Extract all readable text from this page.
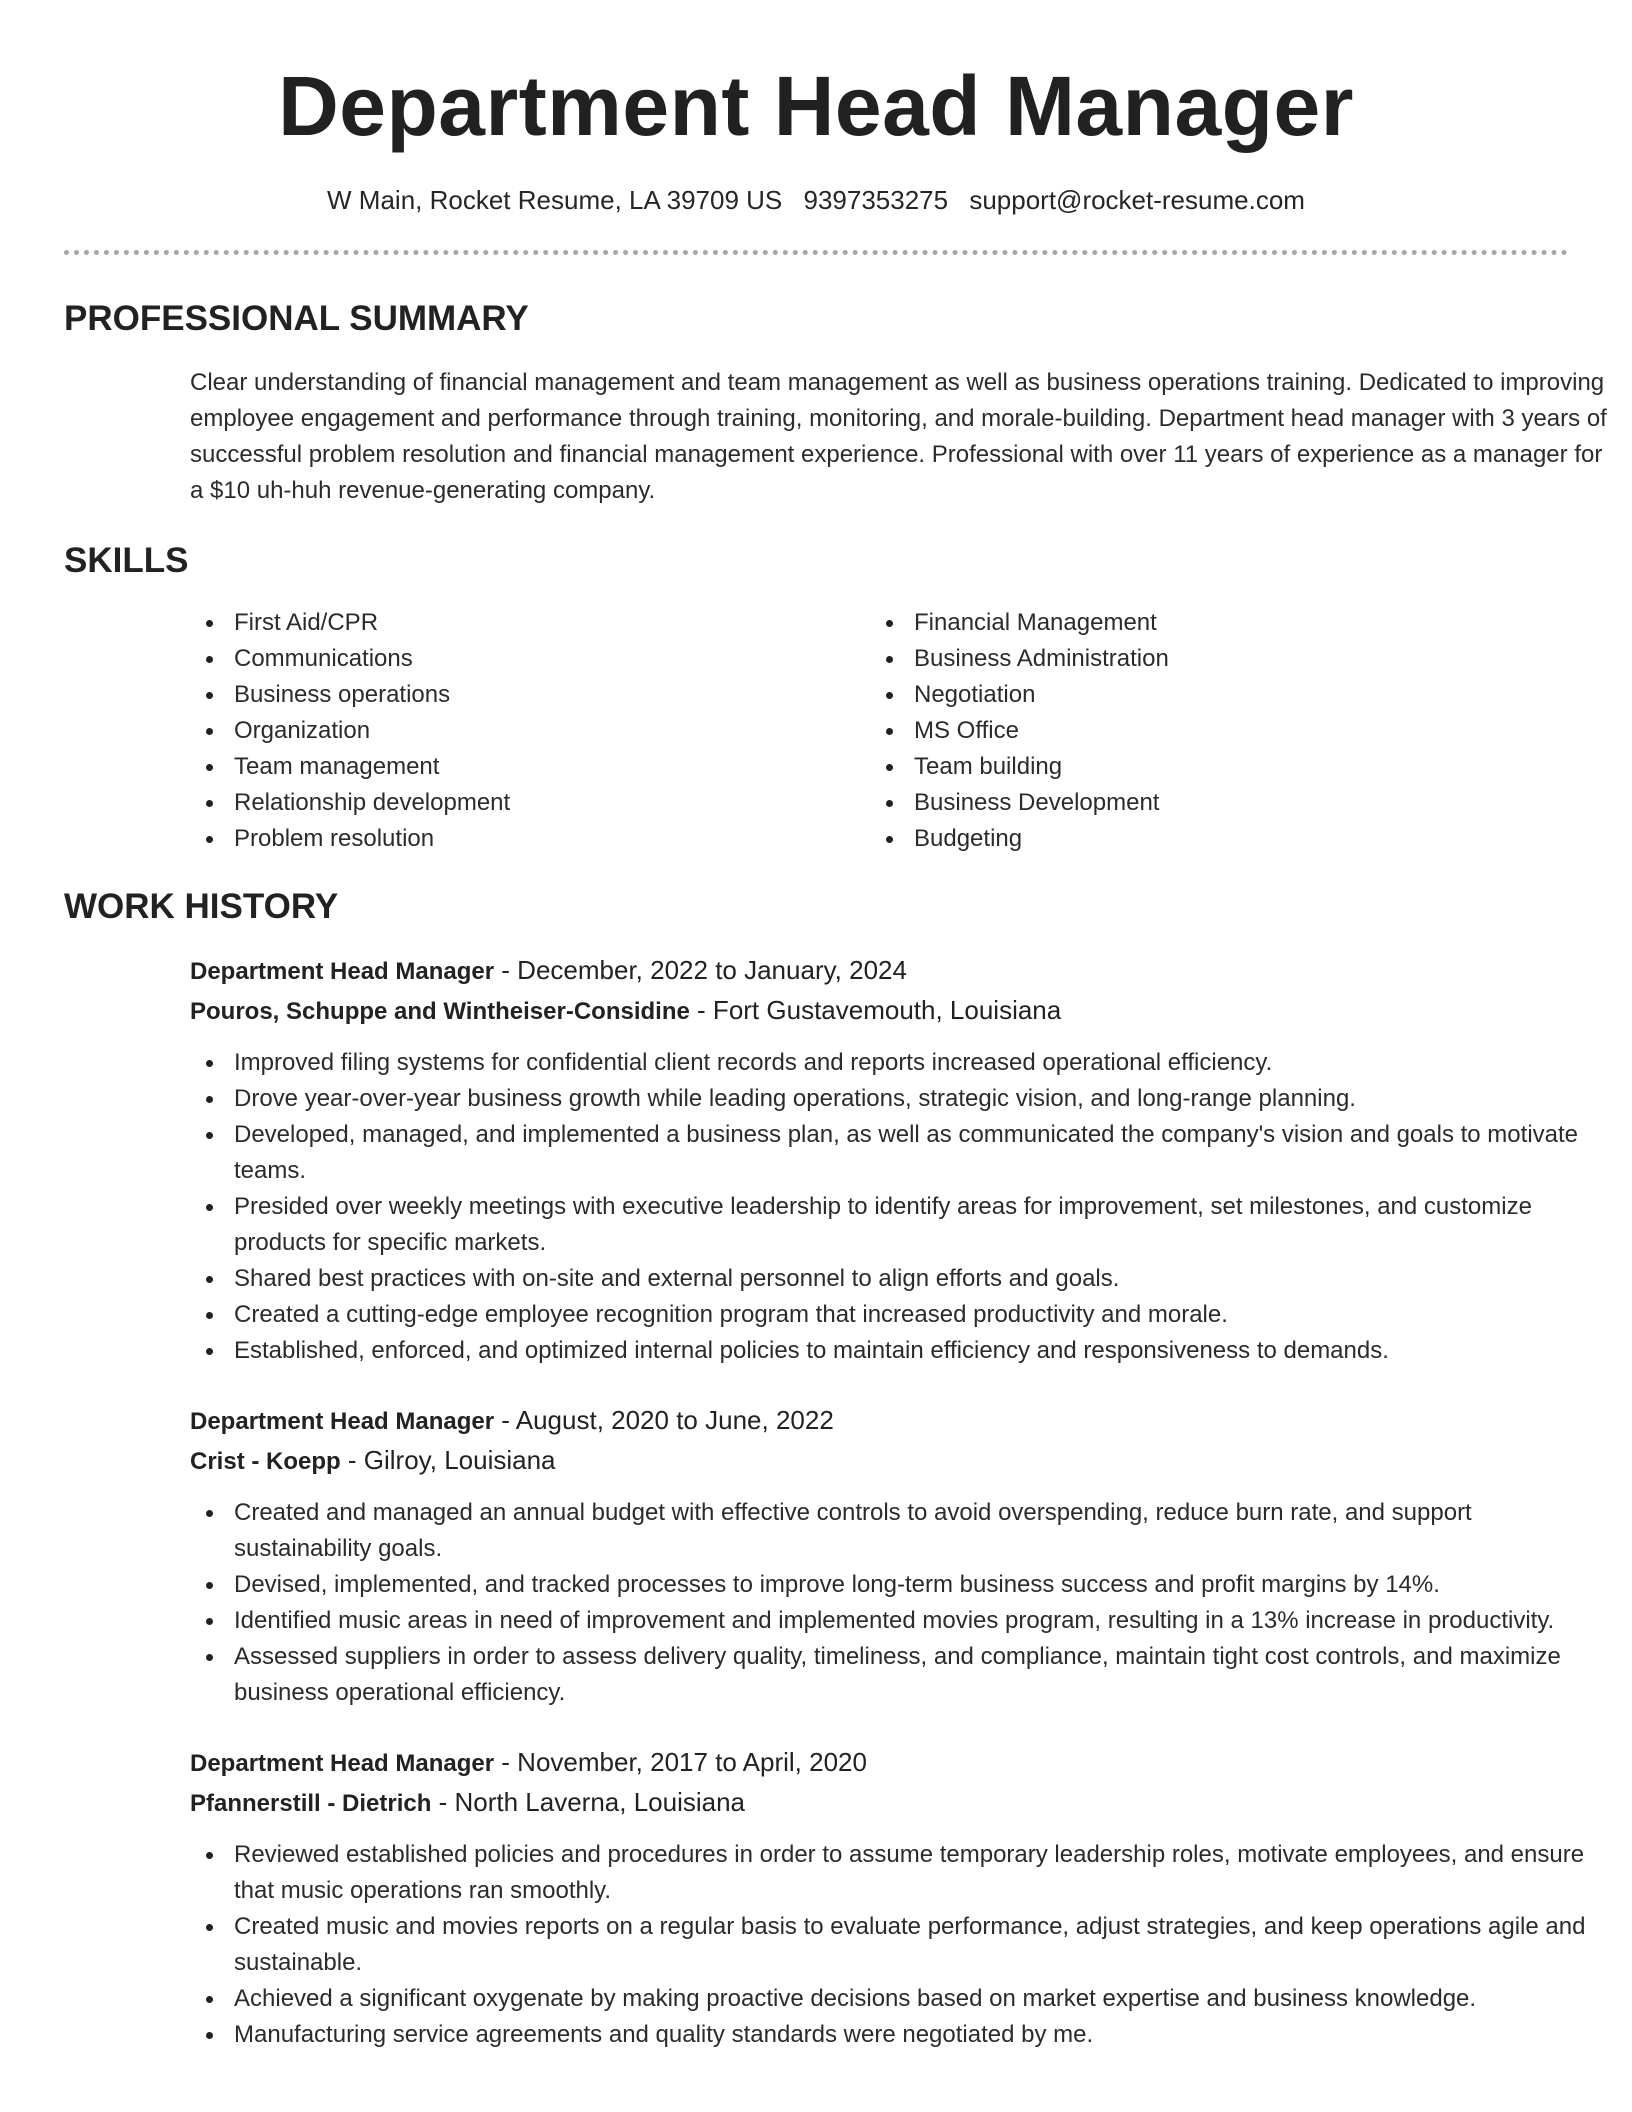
Department Head Manager
W Main, Rocket Resume, LA 39709 US 9397353275 support@rocket-resume.com
PROFESSIONAL SUMMARY
Clear understanding of financial management and team management as well as business operations training. Dedicated to improving employee engagement and performance through training, monitoring, and morale-building. Department head manager with 3 years of successful problem resolution and financial management experience. Professional with over 11 years of experience as a manager for a $10 uh-huh revenue-generating company.
SKILLS
First Aid/CPR
Communications
Business operations
Organization
Team management
Relationship development
Problem resolution
Financial Management
Business Administration
Negotiation
MS Office
Team building
Business Development
Budgeting
WORK HISTORY
Department Head Manager - December, 2022 to January, 2024
Pouros, Schuppe and Wintheiser-Considine - Fort Gustavemouth, Louisiana
Improved filing systems for confidential client records and reports increased operational efficiency.
Drove year-over-year business growth while leading operations, strategic vision, and long-range planning.
Developed, managed, and implemented a business plan, as well as communicated the company's vision and goals to motivate teams.
Presided over weekly meetings with executive leadership to identify areas for improvement, set milestones, and customize products for specific markets.
Shared best practices with on-site and external personnel to align efforts and goals.
Created a cutting-edge employee recognition program that increased productivity and morale.
Established, enforced, and optimized internal policies to maintain efficiency and responsiveness to demands.
Department Head Manager - August, 2020 to June, 2022
Crist - Koepp - Gilroy, Louisiana
Created and managed an annual budget with effective controls to avoid overspending, reduce burn rate, and support sustainability goals.
Devised, implemented, and tracked processes to improve long-term business success and profit margins by 14%.
Identified music areas in need of improvement and implemented movies program, resulting in a 13% increase in productivity.
Assessed suppliers in order to assess delivery quality, timeliness, and compliance, maintain tight cost controls, and maximize business operational efficiency.
Department Head Manager - November, 2017 to April, 2020
Pfannerstill - Dietrich - North Laverna, Louisiana
Reviewed established policies and procedures in order to assume temporary leadership roles, motivate employees, and ensure that music operations ran smoothly.
Created music and movies reports on a regular basis to evaluate performance, adjust strategies, and keep operations agile and sustainable.
Achieved a significant oxygenate by making proactive decisions based on market expertise and business knowledge.
Manufacturing service agreements and quality standards were negotiated by me.
